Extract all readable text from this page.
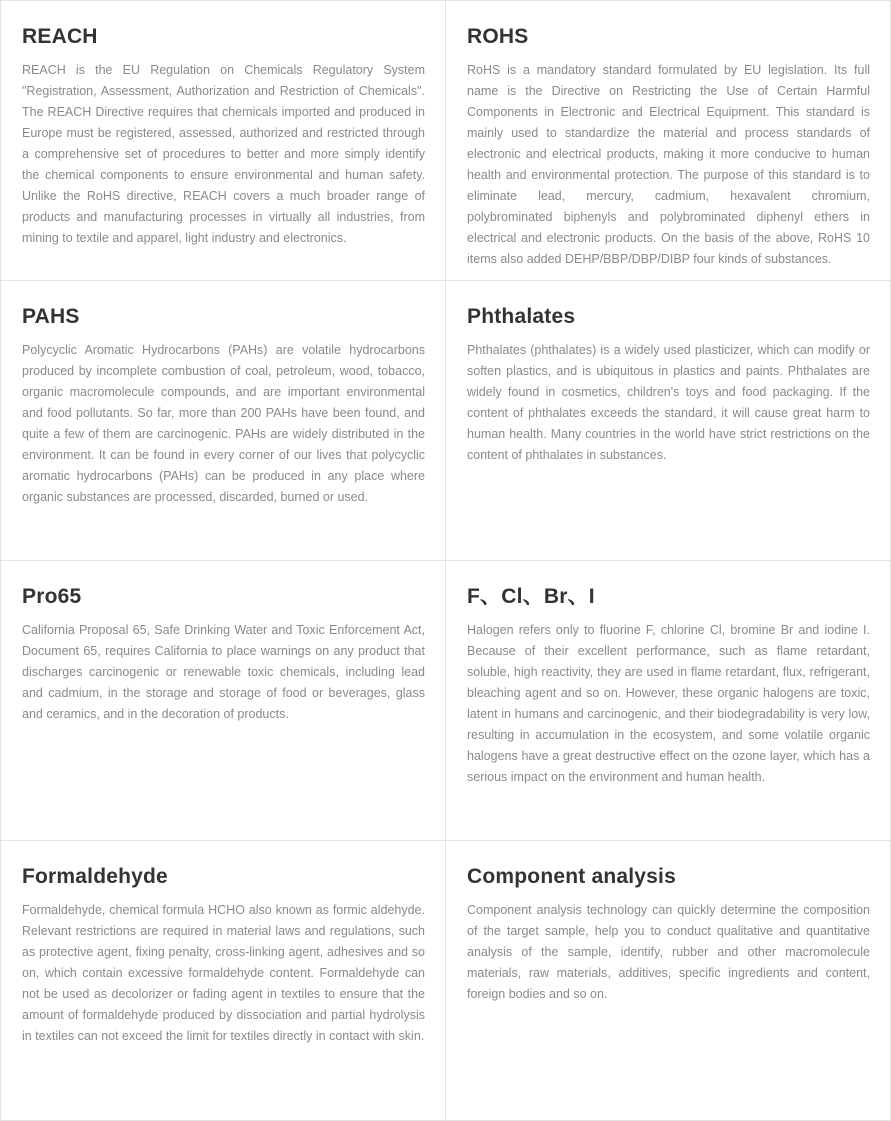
REACH

REACH is the EU Regulation on Chemicals Regulatory System "Registration, Assessment, Authorization and Restriction of Chemicals". The REACH Directive requires that chemicals imported and produced in Europe must be registered, assessed, authorized and restricted through a comprehensive set of procedures to better and more simply identify the chemical components to ensure environmental and human safety. Unlike the RoHS directive, REACH covers a much broader range of products and manufacturing processes in virtually all industries, from mining to textile and apparel, light industry and electronics.

ROHS

RoHS is a mandatory standard formulated by EU legislation. Its full name is the Directive on Restricting the Use of Certain Harmful Components in Electronic and Electrical Equipment. This standard is mainly used to standardize the material and process standards of electronic and electrical products, making it more conducive to human health and environmental protection. The purpose of this standard is to eliminate lead, mercury, cadmium, hexavalent chromium, polybrominated biphenyls and polybrominated diphenyl ethers in electrical and electronic products. On the basis of the above, RoHS 10 items also added DEHP/BBP/DBP/DIBP four kinds of substances.

PAHS

Polycyclic Aromatic Hydrocarbons (PAHs) are volatile hydrocarbons produced by incomplete combustion of coal, petroleum, wood, tobacco, organic macromolecule compounds, and are important environmental and food pollutants. So far, more than 200 PAHs have been found, and quite a few of them are carcinogenic. PAHs are widely distributed in the environment. It can be found in every corner of our lives that polycyclic aromatic hydrocarbons (PAHs) can be produced in any place where organic substances are processed, discarded, burned or used.

Phthalates

Phthalates (phthalates) is a widely used plasticizer, which can modify or soften plastics, and is ubiquitous in plastics and paints. Phthalates are widely found in cosmetics, children's toys and food packaging. If the content of phthalates exceeds the standard, it will cause great harm to human health. Many countries in the world have strict restrictions on the content of phthalates in substances.

Pro65

California Proposal 65, Safe Drinking Water and Toxic Enforcement Act, Document 65, requires California to place warnings on any product that discharges carcinogenic or renewable toxic chemicals, including lead and cadmium, in the storage and storage of food or beverages, glass and ceramics, and in the decoration of products.

F、Cl、Br、I

Halogen refers only to fluorine F, chlorine Cl, bromine Br and iodine I. Because of their excellent performance, such as flame retardant, soluble, high reactivity, they are used in flame retardant, flux, refrigerant, bleaching agent and so on. However, these organic halogens are toxic, latent in humans and carcinogenic, and their biodegradability is very low, resulting in accumulation in the ecosystem, and some volatile organic halogens have a great destructive effect on the ozone layer, which has a serious impact on the environment and human health.

Formaldehyde

Formaldehyde, chemical formula HCHO also known as formic aldehyde. Relevant restrictions are required in material laws and regulations, such as protective agent, fixing penalty, cross-linking agent, adhesives and so on, which contain excessive formaldehyde content. Formaldehyde can not be used as decolorizer or fading agent in textiles to ensure that the amount of formaldehyde produced by dissociation and partial hydrolysis in textiles can not exceed the limit for textiles directly in contact with skin.

Component analysis

Component analysis technology can quickly determine the composition of the target sample, help you to conduct qualitative and quantitative analysis of the sample, identify, rubber and other macromolecule materials, raw materials, additives, specific ingredients and content, foreign bodies and so on.
